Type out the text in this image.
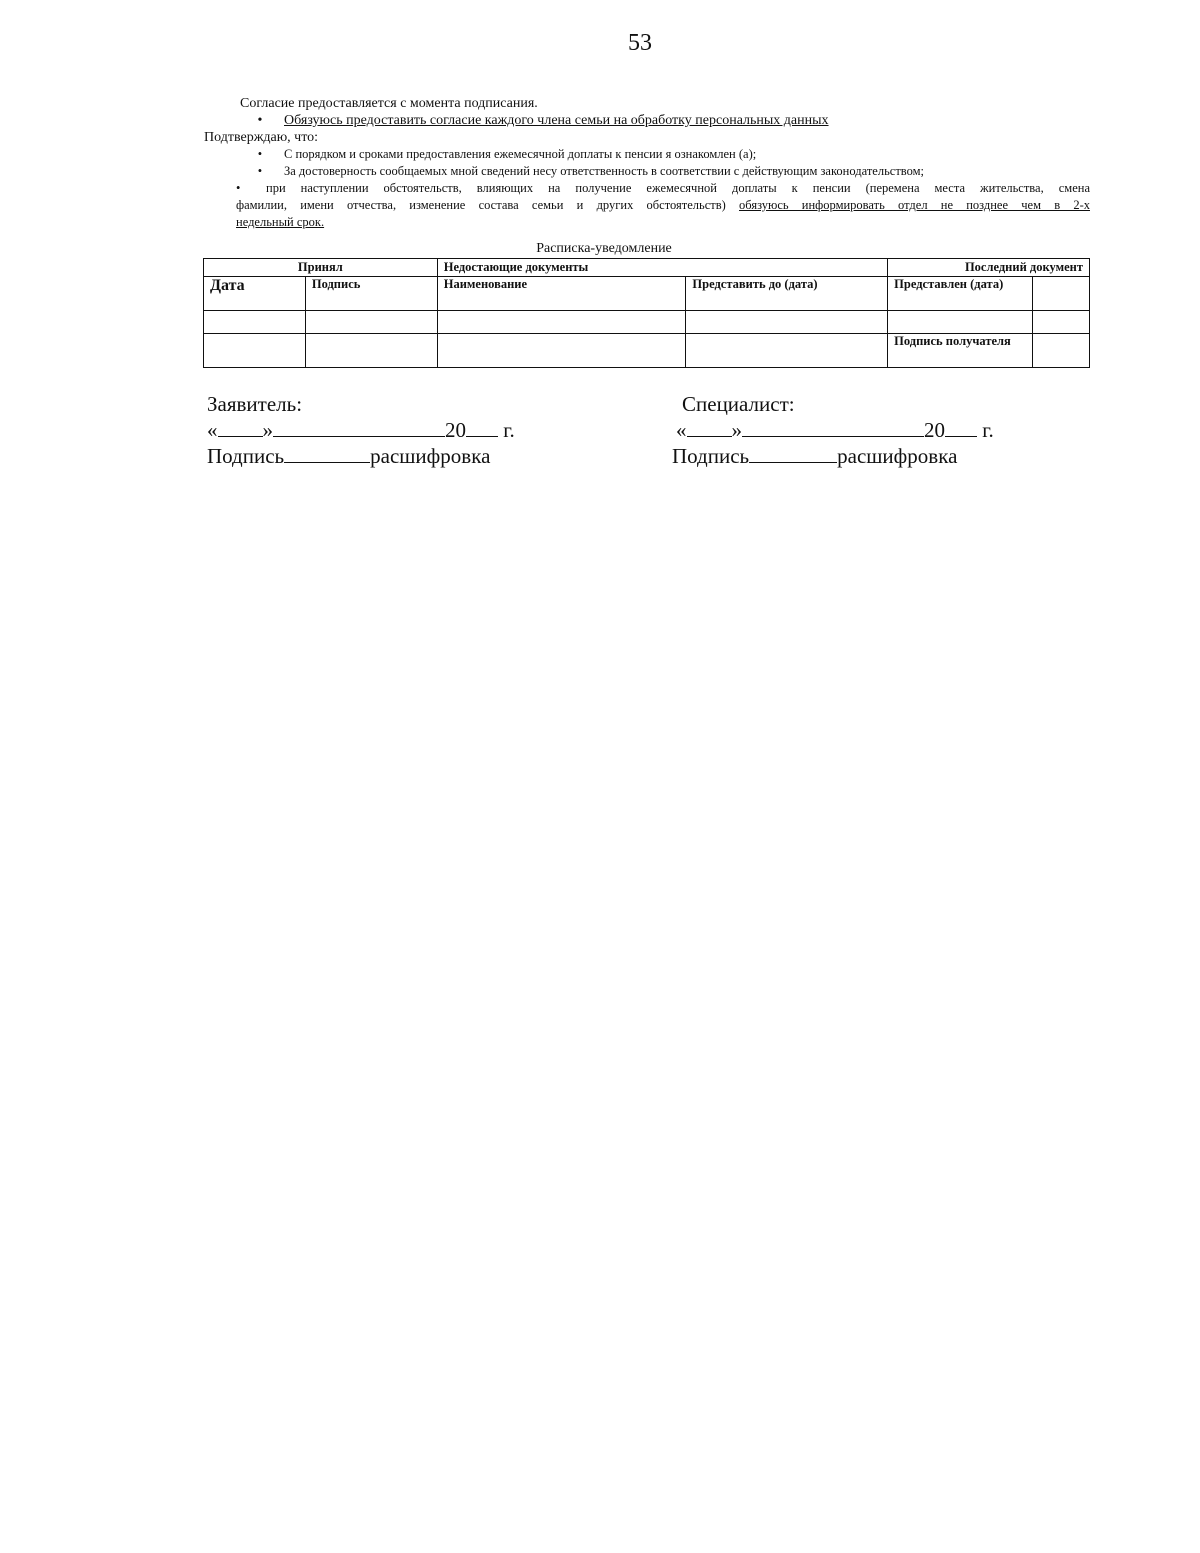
53
Согласие предоставляется с момента подписания.
• Обязуюсь предоставить согласие каждого члена семьи на обработку персональных данных
Подтверждаю, что:
• С порядком и сроками предоставления ежемесячной доплаты к пенсии я ознакомлен (а);
• За достоверность сообщаемых мной сведений несу ответственность в соответствии с действующим законодательством;
• при наступлении обстоятельств, влияющих на получение ежемесячной доплаты к пенсии (перемена места жительства, смена
фамилии, имени отчества, изменение состава семьи и других обстоятельств) обязуюсь информировать отдел не позднее чем в 2-х
недельный срок.
Расписка-уведомление
Принял		Недостающие документы		Последний документ	
Дата	Подпись	Наименование	Представить до (дата)	Представлен (дата)	

				Подпись получателя	
Заявитель:
« »	20 г.
Подпись	расшифровка
Специалист:
« »	20 г.
Подпись	расшифровка
